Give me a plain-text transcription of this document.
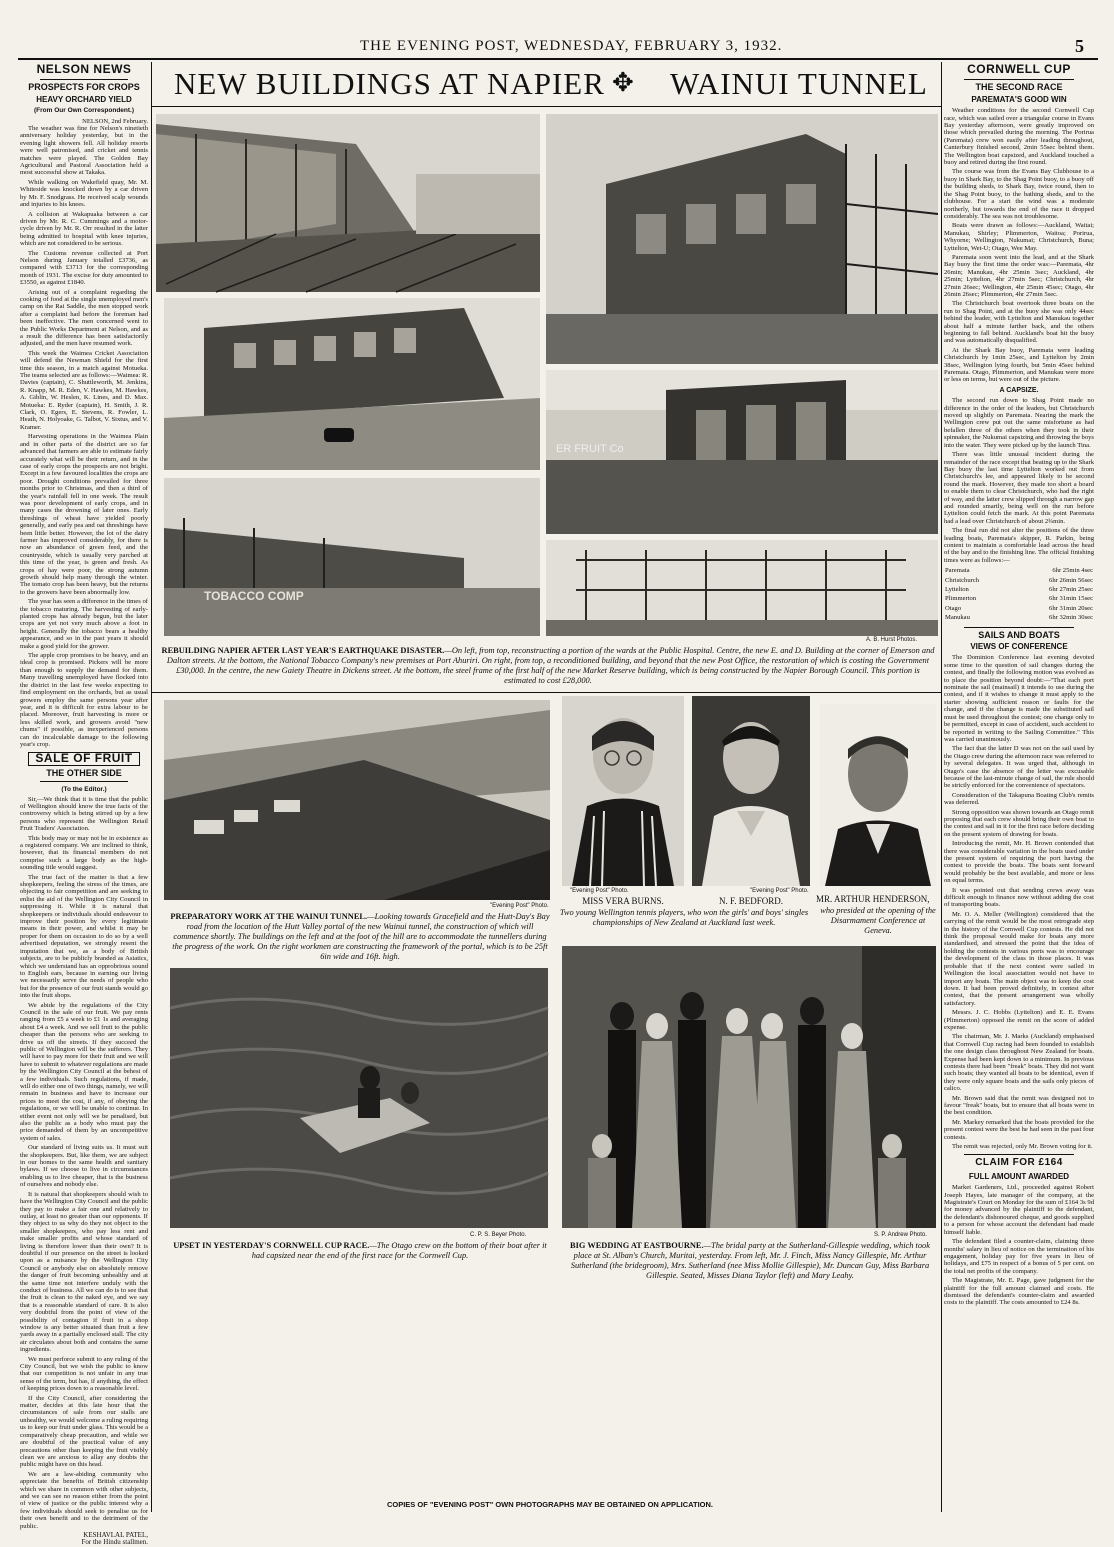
THE EVENING POST, WEDNESDAY, FEBRUARY 3, 1932.	5
NELSON NEWS
PROSPECTS FOR CROPS
HEAVY ORCHARD YIELD
(From Our Own Correspondent.)
NELSON, 2nd February.

The weather was fine for Nelson's ninetieth anniversary holiday yesterday, but in the evening light showers fell. All holiday resorts were well patronised, and cricket and tennis matches were played. The Golden Bay Agricultural and Pastoral Association held a most successful show at Takaka.

While walking on Wakefield quay, Mr. M. Whiteside was knocked down by a car driven by Mr. F. Snodgrass. He received scalp wounds and injuries to his knees.

A collision at Wakapuaka between a car driven by Mr. R. C. Cummings and a motor-cycle driven by Mr. R. Orr resulted in the latter being admitted to hospital with knee injuries, which are not considered to be serious.

The Customs revenue collected at Port Nelson during January totalled £3736, as compared with £3713 for the corresponding month of 1931. The excise for duty amounted to £3550, as against £1840.

Arising out of a complaint regarding the cooking of food at the single unemployed men's camp on the Rai Saddle, the men stopped work after a complaint had before the foreman had been ineffective. The men concerned went to the Public Works Department at Nelson, and as a result the difference has been satisfactorily adjusted, and the men have resumed work.

This week the Waimea Cricket Association will defend the Newman Shield for the first time this season, in a match against Motueka. The teams selected are as follows:—Waimea: R. Davies (captain), C. Shuttleworth, M. Jenkins, R. Knapp, M. R. Eden, V. Hawkes, M. Hawkes, A. Giblin, W. Heslen, K. Lines, and D. Max. Motueka: E. Ryder (captain), H. Smith, J. R. Clark, O. Egers, E. Stevens, R. Fowler, L. Heath, N. Holyoake, G. Talbot, V. Sixtus, and V. Kramer.

Harvesting operations in the Waimea Plain and in other parts of the district are so far advanced that farmers are able to estimate fairly accurately what will be their return, and in the case of early crops the prospects are not bright. Except in a few favoured localities the crops are poor. Drought conditions prevailed for three months prior to Christmas, and then a third of the year's rainfall fell in one week. The result was poor development of early crops, and in many cases the drowning of later ones. Early threshings of wheat have yielded poorly generally, and early pea and oat threshings have been little better. However, the lot of the dairy farmer has improved considerably, for there is now an abundance of green feed, and the countryside, which is usually very parched at this time of the year, is green and fresh. As crops of hay were poor, the strong autumn growth should help many through the winter. The tomato crop has been heavy, but the returns to the growers have been abnormally low.

The year has seen a difference in the times of the tobacco maturing. The harvesting of early-planted crops has already begun, but the later crops are yet not very much above a foot in height. Generally the tobacco bears a healthy appearance, and so in the past years it should make a good yield for the grower.

The apple crop promises to be heavy, and an ideal crop is promised. Pickers will be more than enough to supply the demand for them. Many travelling unemployed have flocked into the district in the last few weeks expecting to find employment on the orchards, but as usual growers employ the same persons year after year, and it is difficult for extra labour to be placed. Moreover, fruit harvesting is more or less skilled work, and growers avoid "new chums" if possible, as inexperienced persons can do incalculable damage to the following year's crop.

SALE OF FRUIT
THE OTHER SIDE
(To the Editor.)

Sir,—We think that it is time that the public of Wellington should know the true facts of the controversy which is being stirred up by a few persons who represent the Wellington Retail Fruit Traders' Association.

This body may or may not be in existence as a registered company. We are inclined to think, however, that its financial members do not comprise such a large body as the high-sounding title would suggest.

The true fact of the matter is that a few shopkeepers, feeling the stress of the times, are objecting to fair competition and are seeking to enlist the aid of the Wellington City Council in suppressing it. While it is natural that shopkeepers or individuals should endeavour to improve their position by every legitimate means in their power, and whilst it may be proper for them on occasion to do so by a well advertised deputation, we strongly resent the imputation that we, as a body of British subjects, are to be publicly branded as Asiatics, which we understand has an opprobrious sound to English ears, because in earning our living we necessarily serve the needs of people who but for the presence of our fruit stands would go into the fruit shops.

We abide by the regulations of the City Council in the sale of our fruit. We pay rents ranging from £5 a week to £1 1s and averaging about £4 a week. And we sell fruit to the public cheaper than the persons who are seeking to drive us off the streets. If they succeed the public of Wellington will be the sufferers. They will have to pay more for their fruit and we will have to submit to whatever regulations are made by the Wellington City Council at the behest of a few individuals. Such regulations, if made, will do either one of two things, namely, we will remain in business and have to increase our prices to meet the cost, if any, of obeying the regulations, or we will be unable to continue. In either event not only will we be penalised, but also the public as a body who must pay the price demanded of them by an uncompetitive system of sales.

Our standard of living suits us. It must suit the shopkeepers. But, like them, we are subject in our homes to the same health and sanitary bylaws. If we choose to live in circumstances enabling us to live cheaper, that is the business of ourselves and nobody else.

It is natural that shopkeepers should wish to have the Wellington City Council and the public they pay to make a fair one and relatively to outlay, at least no greater than our opponents. If they object to us why do they not object to the smaller shopkeepers, who pay less rent and make smaller profits and whose standard of living is therefore lower than their own? It is doubtful if our presence on the street is looked upon as a nuisance by the Wellington City Council or anybody else on absolutely remove the danger of fruit becoming unhealthy and at the same time not interfere unduly with the conduct of business. All we can do is to see that the fruit is clean to the naked eye, and we say that is a reasonable standard of care. It is also very doubtful from the point of view of the possibility of contagion if fruit in a shop window is any better situated than fruit a few yards away in a partially enclosed stall. The city air circulates about both and contains the same ingredients.

We must perforce submit to any ruling of the City Council, but we wish the public to know that our competition is not unfair in any true sense of the term, but has, if anything, the effect of keeping prices down to a reasonable level.

If the City Council, after considering the matter, decides at this late hour that the circumstances of sale from our stalls are unhealthy, we would welcome a ruling requiring us to keep our fruit under glass. This would be a comparatively cheap precaution, and while we are doubtful of the practical value of any precautions other than keeping the fruit visibly clean we are anxious to allay any doubts the public might have on this head.

We are a law-abiding community who appreciate the benefits of British citizenship which we share in common with other subjects, and we can see no reason either from the point of view of justice or the public interest why a few individuals should seek to penalise us for their own benefit and to the detriment of the public.

KESHAVLAL PATEL,
For the Hindu stallmen.
NEW BUILDINGS AT NAPIER ✥ WAINUI TUNNEL
ER FRUIT Co
TOBACCO COMP
A. B. Hurst Photos.
REBUILDING NAPIER AFTER LAST YEAR'S EARTHQUAKE DISASTER.—On left, from top, reconstructing a portion of the wards at the Public Hospital. Centre, the new E. and D. Building at the corner of Emerson and Dalton streets. At the bottom, the National Tobacco Company's new premises at Port Ahuriri. On right, from top, a reconditioned building, and beyond that the new Post Office, the restoration of which is costing the Government £30,000. In the centre, the new Gaiety Theatre in Dickens street. At the bottom, the steel frame of the first half of the new Market Reserve building, which is being constructed by the Napier Borough Council. This portion is estimated to cost £28,000.
"Evening Post" Photo.
PREPARATORY WORK AT THE WAINUI TUNNEL.—Looking towards Gracefield and the Hutt-Day's Bay road from the location of the Hutt Valley portal of the new Wainui tunnel, the construction of which will commence shortly. The buildings on the left and at the foot of the hill are to accommodate the tunnellers during the progress of the work. On the right workmen are constructing the framework of the portal, which is to be 25ft 6in wide and 16ft. high.
"Evening Post" Photo.	"Evening Post" Photo.
MISS VERA BURNS.	N. F. BEDFORD.
Two young Wellington tennis players, who won the girls' and boys' singles championships of New Zealand at Auckland last week.
MR. ARTHUR HENDERSON,
who presided at the opening of the Disarmament Conference at Geneva.
C. P. S. Beyer Photo.
UPSET IN YESTERDAY'S CORNWELL CUP RACE.—The Otago crew on the bottom of their boat after it had capsized near the end of the first race for the Cornwell Cup.
S. P. Andrew Photo.
BIG WEDDING AT EASTBOURNE.—The bridal party at the Sutherland-Gillespie wedding, which took place at St. Alban's Church, Muritai, yesterday. From left, Mr. J. Finch, Miss Nancy Gillespie, Mr. Arthur Sutherland (the bridegroom), Mrs. Sutherland (nee Miss Mollie Gillespie), Mr. Duncan Guy, Miss Barbara Gillespie. Seated, Misses Diana Taylor (left) and Mary Leahy.
COPIES OF "EVENING POST" OWN PHOTOGRAPHS MAY BE OBTAINED ON APPLICATION.
CORNWELL CUP
THE SECOND RACE
PAREMATA'S GOOD WIN

Weather conditions for the second Cornwell Cup race, which was sailed over a triangular course in Evans Bay yesterday afternoon, were greatly improved on those which prevailed during the morning. The Porirua (Paremata) crew won easily after leading throughout, Canterbury finished second, 2min 55sec behind them. The Wellington boat capsized, and Auckland touched a buoy and retired during the first round.

The course was from the Evans Bay Clubhouse to a buoy in Shark Bay, to the Shag Point buoy, to a buoy off the building sheds, to Shark Bay, twice round, then to the Shag Point buoy, to the bathing sheds, and to the clubhouse. For a start the wind was a moderate northerly, but towards the end of the race it dropped considerably. The sea was not troublesome.

Boats were drawn as follows:—Auckland, Waitai; Manukau, Shirley; Plimmerton, Waitoa; Porirua, Whyorne; Wellington, Nukumai; Christchurch, Buna; Lyttelton, Wet-U; Otago, Wee May.

Paremata soon went into the lead, and at the Shark Bay buoy the first time the order was:—Paremata, 4hr 26min; Manukau, 4hr 25min 3sec; Auckland, 4hr 25min; Lyttelton, 4hr 27min 5sec; Christchurch, 4hr 27min 26sec; Wellington, 4hr 25min 45sec; Otago, 4hr 26min 26sec; Plimmerton, 4hr 27min 5sec.

The Christchurch boat overtook three boats on the run to Shag Point, and at the buoy she was only 44sec behind the leader, with Lyttelton and Manukau together about half a minute farther back, and the others beginning to fall behind. Auckland's boat hit the buoy and was automatically disqualified.

At the Shark Bay buoy, Paremata were leading Christchurch by 1min 25sec, and Lyttelton by 2min 38sec, Wellington lying fourth, but 5min 45sec behind Paremata. Otago, Plimmerton, and Manukau were more or less on terms, but were out of the picture.

A CAPSIZE.

The second run down to Shag Point made no difference in the order of the leaders, but Christchurch moved up slightly on Paremata. Nearing the mark the Wellington crew put out the same misfortune as had befallen three of the others when they took in their spinnaker, the Nukumai capsizing and throwing the boys into the water. They were picked up by the launch Tina.

There was little unusual incident during the remainder of the race except that beating up to the Shark Bay buoy the last time Lyttelton worked out from Christchurch's lee, and appeared likely to be second round the mark. However, they made too short a board to enable them to clear Christchurch, who had the right of way, and the latter crew slipped through a narrow gap and rounded smartly, being well on the run before Lyttelton could fetch the mark. At this point Paremata had a lead over Christchurch of about 2¾min.

The final run did not alter the positions of the three leading boats, Paremata's skipper, R. Parkin, being content to maintain a comfortable lead across the head of the bay and to the finishing line. The official finishing times were as follows:—

Paremata	6hr 25min 4sec
Christchurch	6hr 26min 56sec
Lyttelton	6hr 27min 25sec
Plimmerton	6hr 31min 15sec
Otago	6hr 31min 20sec
Manukau	6hr 32min 30sec
SAILS AND BOATS
VIEWS OF CONFERENCE

The Dominion Conference last evening devoted some time to the question of sail changes during the contest, and finally the following motion was evolved as to place the position beyond doubt:—"That each port nominate the sail (mainsail) it intends to use during the contest, and if it wishes to change it must apply to the starter showing sufficient reason or faults for the change, and if the change is made the substituted sail must be used throughout the contest; one change only to be permitted, except in case of accident, such accident to be reported in writing to the Sailing Committee." This was carried unanimously.

The fact that the latter D was not on the sail used by the Otago crew during the afternoon race was referred to by several delegates. It was urged that, although in Otago's case the absence of the letter was excusable because of the last-minute change of sail, the rule should be strictly enforced for the convenience of spectators.

Consideration of the Takapuna Boating Club's remits was deferred.

Strong opposition was shown towards an Otago remit proposing that each crew should bring their own boat to the contest and sail in it for the first race before deciding on the present system of drawing for boats.

Introducing the remit, Mr. H. Brown contended that there was considerable variation in the boats used under the present system of requiring the port having the contest to provide the boats. The boats sent forward would probably be the best available, and more or less on equal terms.

It was pointed out that sending crews away was difficult enough to finance now without adding the cost of transporting boats.

Mr. O. A. Meller (Wellington) considered that the carrying of the remit would be the most retrograde step in the history of the Cornwell Cup contests. He did not think the proposal would make for boats any more standardised, and stressed the point that the idea of holding the contests in various ports was to encourage the development of the class in those places. It was probable that if the next contest were sailed in Wellington the local association would not have to import any boats. The main object was to keep the cost down. It had been proved definitely, in contest after contest, that the present arrangement was wholly satisfactory.

Messrs. J. C. Hobbs (Lyttelton) and E. E. Evans (Plimmerton) opposed the remit on the score of added expense.

The chairman, Mr. J. Marks (Auckland) emphasised that Cornwell Cup racing had been founded to establish the one design class throughout New Zealand for boats. Expense had been kept down to a minimum. In previous contests there had been "freak" boats. They did not want such boats; they wanted all boats to be identical, even if they were only square boats and the sails only pieces of calico.

Mr. Brown said that the remit was designed not to favour "freak" boats, but to ensure that all boats were in the best condition.

Mr. Markey remarked that the boats provided for the present contest were the best he had seen in the past four contests.

The remit was rejected, only Mr. Brown voting for it.

CLAIM FOR £164
FULL AMOUNT AWARDED

Market Gardeners, Ltd., proceeded against Robert Joseph Hayes, late manager of the company, at the Magistrate's Court on Monday for the sum of £164 3s 9d for money advanced by the plaintiff to the defendant, the defendant's dishonoured cheque, and goods supplied to a person for whose account the defendant had made himself liable.

The defendant filed a counter-claim, claiming three months' salary in lieu of notice on the termination of his engagement, holiday pay for five years in lieu of holidays, and £75 in respect of a bonus of 5 per cent. on the total net profits of the company.

The Magistrate, Mr. E. Page, gave judgment for the plaintiff for the full amount claimed and costs. He dismissed the defendant's counter-claim and awarded costs to the plaintiff. The costs amounted to £24 8s.
